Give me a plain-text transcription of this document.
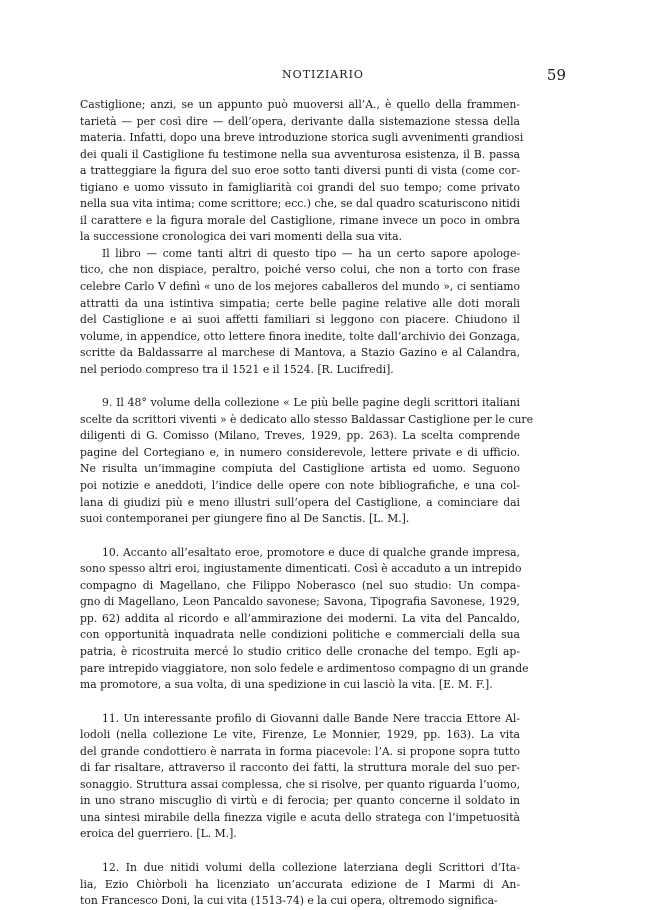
NOTIZIARIO	59
Castiglione; anzi, se un appunto può muoversi all’A., è quello della frammen-
tarietà — per così dire — dell’opera, derivante dalla sistemazione stessa della
materia. Infatti, dopo una breve introduzione storica sugli avvenimenti grandiosi
dei quali il Castiglione fu testimone nella sua avventurosa esistenza, il B. passa
a tratteggiare la figura del suo eroe sotto tanti diversi punti di vista (come cor-
tigiano e uomo vissuto in famigliarità coi grandi del suo tempo; come privato
nella sua vita intima; come scrittore; ecc.) che, se dal quadro scaturiscono nitidi
il carattere e la figura morale del Castiglione, rimane invece un poco in ombra
la successione cronologica dei vari momenti della sua vita.
Il libro — come tanti altri di questo tipo — ha un certo sapore apologe-
tico, che non dispiace, peraltro, poiché verso colui, che non a torto con frase
celebre Carlo V definì « uno de los mejores caballeros del mundo », ci sentiamo
attratti da una istintiva simpatia; certe belle pagine relative alle doti morali
del Castiglione e ai suoi affetti familiari si leggono con piacere. Chiudono il
volume, in appendice, otto lettere finora inedite, tolte dall’archivio dei Gonzaga,
scritte da Baldassarre al marchese di Mantova, a Stazio Gazino e al Calandra,
nel periodo compreso tra il 1521 e il 1524. [R. Lucifredi].
9. Il 48° volume della collezione « Le più belle pagine degli scrittori italiani
scelte da scrittori viventi » è dedicato allo stesso Baldassar Castiglione per le cure
diligenti di G. Comisso (Milano, Treves, 1929, pp. 263). La scelta comprende
pagine del Cortegiano e, in numero considerevole, lettere private e di ufficio.
Ne risulta un’immagine compiuta del Castiglione artista ed uomo. Seguono
poi notizie e aneddoti, l’indice delle opere con note bibliografiche, e una col-
lana di giudizi più e meno illustri sull’opera del Castiglione, a cominciare dai
suoi contemporanei per giungere fino al De Sanctis. [L. M.].
10. Accanto all’esaltato eroe, promotore e duce di qualche grande impresa,
sono spesso altri eroi, ingiustamente dimenticati. Così è accaduto a un intrepido
compagno di Magellano, che Filippo Noberasco (nel suo studio: Un compa-
gno di Magellano, Leon Pancaldo savonese; Savona, Tipografia Savonese, 1929,
pp. 62) addita al ricordo e all’ammirazione dei moderni. La vita del Pancaldo,
con opportunità inquadrata nelle condizioni politiche e commerciali della sua
patria, è ricostruita mercé lo studio critico delle cronache del tempo. Egli ap-
pare intrepido viaggiatore, non solo fedele e ardimentoso compagno di un grande
ma promotore, a sua volta, di una spedizione in cui lasciò la vita. [E. M. F.].
11. Un interessante profilo di Giovanni dalle Bande Nere traccia Ettore Al-
lodoli (nella collezione Le vite, Firenze, Le Monnier, 1929, pp. 163). La vita
del grande condottiero è narrata in forma piacevole: l’A. si propone sopra tutto
di far risaltare, attraverso il racconto dei fatti, la struttura morale del suo per-
sonaggio. Struttura assai complessa, che si risolve, per quanto riguarda l’uomo,
in uno strano miscuglio di virtù e di ferocia; per quanto concerne il soldato in
una sintesi mirabile della finezza vigile e acuta dello stratega con l’impetuosità
eroica del guerriero. [L. M.].
12. In due nitidi volumi della collezione laterziana degli Scrittori d’Ita-
lia, Ezio Chiòrboli ha licenziato un’accurata edizione de I Marmi di An-
ton Francesco Doni, la cui vita (1513-74) e la cui opera, oltremodo significa-
